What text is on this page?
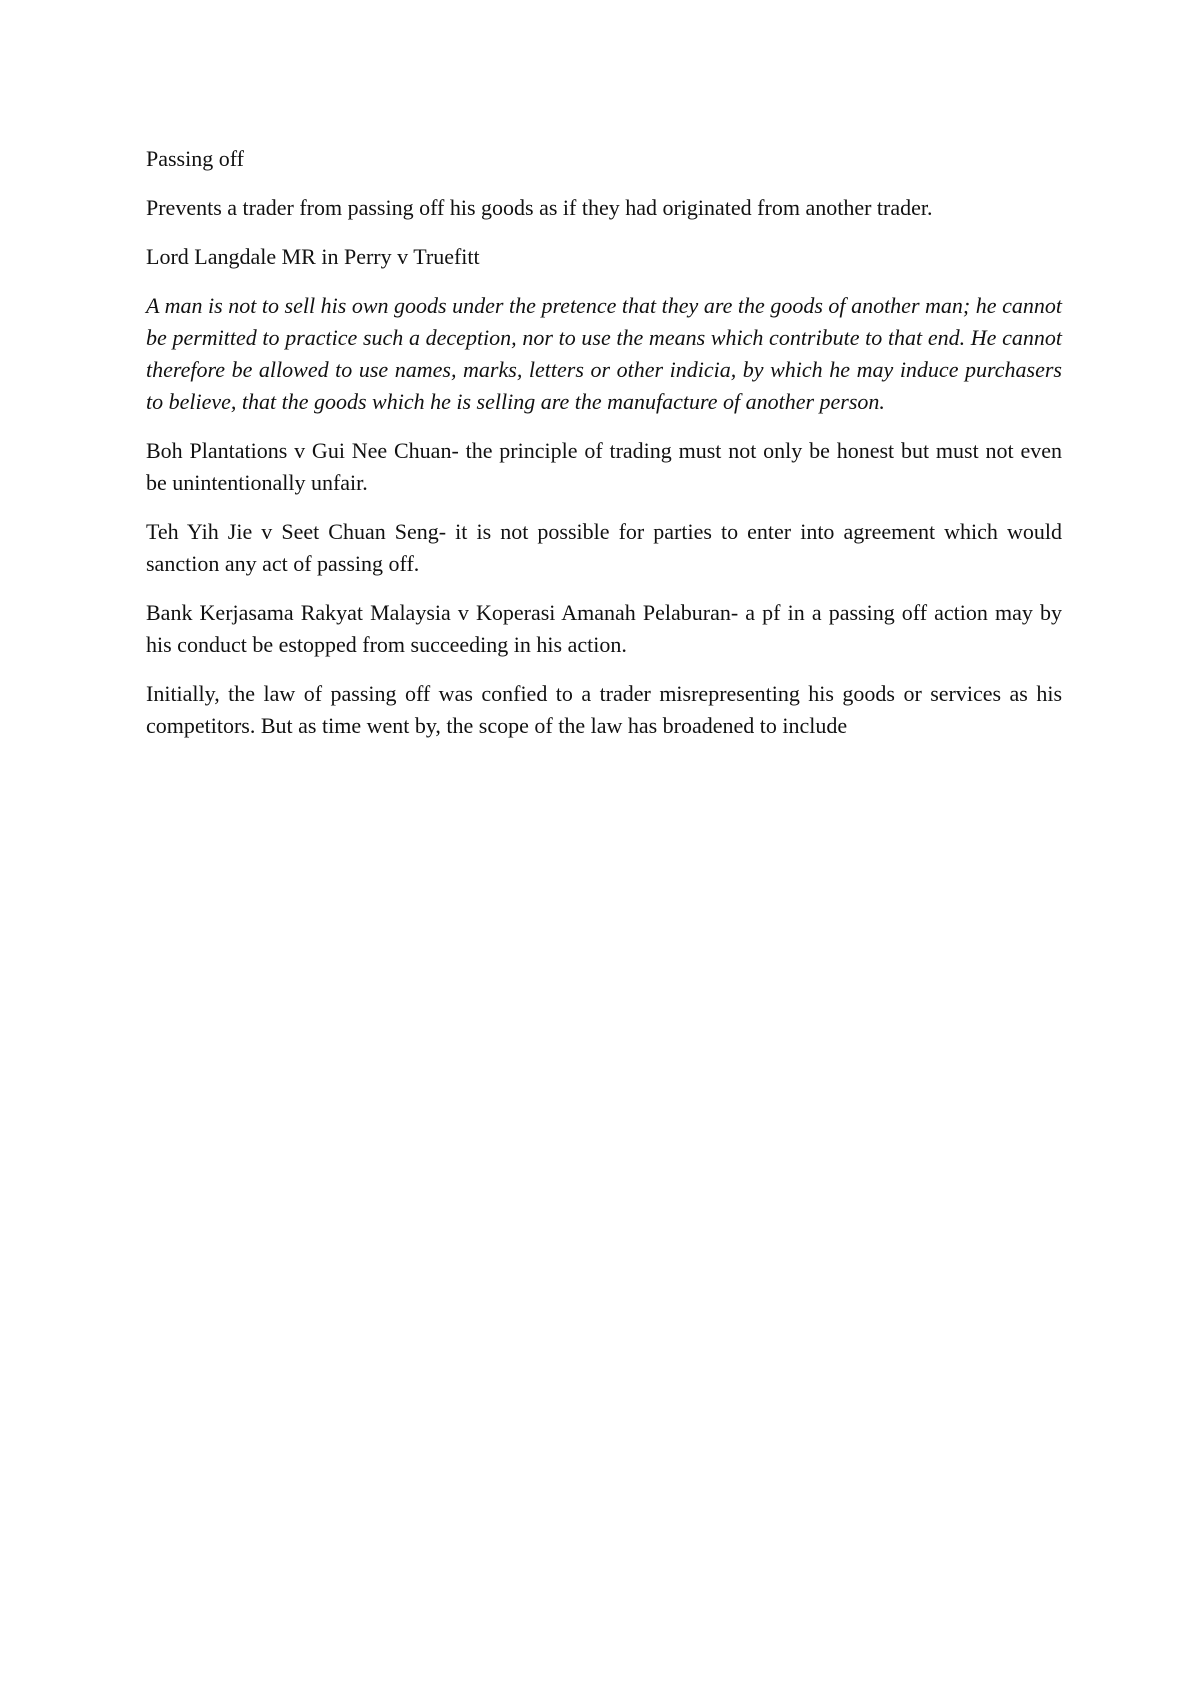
Passing off

Prevents a trader from passing off his goods as if they had originated from another trader.

Lord Langdale MR in Perry v Truefitt

A man is not to sell his own goods under the pretence that they are the goods of another man; he cannot be permitted to practice such a deception, nor to use the means which contribute to that end. He cannot therefore be allowed to use names, marks, letters or other indicia, by which he may induce purchasers to believe, that the goods which he is selling are the manufacture of another person.

Boh Plantations v Gui Nee Chuan- the principle of trading must not only be honest but must not even be unintentionally unfair.

Teh Yih Jie v Seet Chuan Seng- it is not possible for parties to enter into agreement which would sanction any act of passing off.

Bank Kerjasama Rakyat Malaysia v Koperasi Amanah Pelaburan- a pf in a passing off action may by his conduct be estopped from succeeding in his action.

Initially, the law of passing off was confied to a trader misrepresenting his goods or services as his competitors. But as time went by, the scope of the law has broadened to include
